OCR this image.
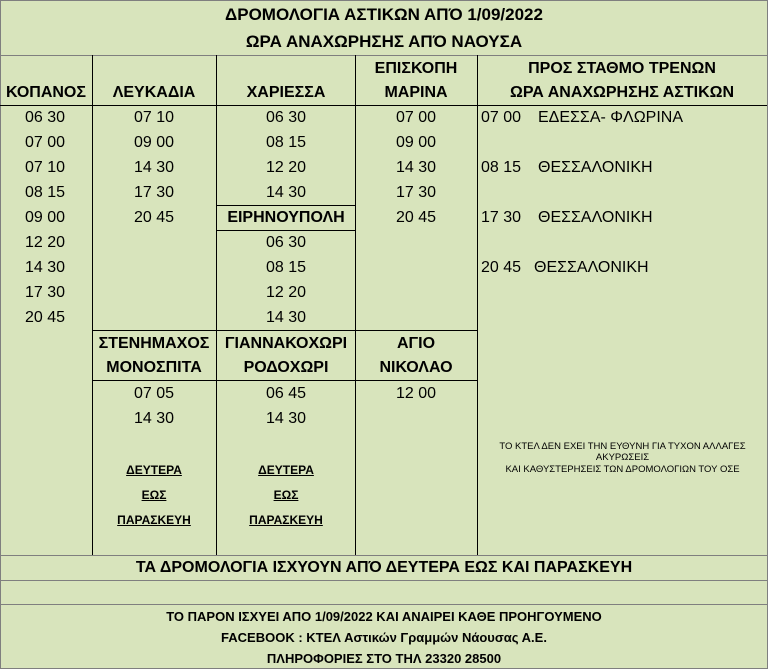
ΔΡΟΜΟΛΟΓΙΑ ΑΣΤΙΚΩΝ ΑΠΌ 1/09/2022
ΩΡΑ ΑΝΑΧΩΡΗΣΗΣ ΑΠΌ ΝΑΟΥΣΑ
ΚΟΠΑΝΟΣ	ΛΕΥΚΑΔΙΑ	ΧΑΡΙΕΣΣΑ
ΕΠΙΣΚΟΠΗ
ΜΑΡΙΝΑ
ΠΡΟΣ ΣΤΑΘΜΟ ΤΡΕΝΩΝ
ΩΡΑ ΑΝΑΧΩΡΗΣΗΣ ΑΣΤΙΚΩΝ
06 30
07 00
07 10
08 15
09 00
12 20
14 30
17 30
20 45
07 10
09 00
14 30
17 30
20 45
06 30
08 15
12 20
14 30
ΕΙΡΗΝΟΥΠΟΛΗ
06 30
08 15
12 20
14 30
07 00
09 00
14 30
17 30
20 45
07 00 ΕΔΕΣΣΑ- ΦΛΩΡΙΝΑ
08 15 ΘΕΣΣΑΛΟΝΙΚΗ
17 30 ΘΕΣΣΑΛΟΝΙΚΗ
20 45 ΘΕΣΣΑΛΟΝΙΚΗ
ΣΤΕΝΗΜΑΧΟΣ
ΜΟΝΟΣΠΙΤΑ
ΓΙΑΝΝΑΚΟΧΩΡΙ
ΡΟΔΟΧΩΡΙ
ΑΓΙΟ
ΝΙΚΟΛΑΟ
07 05
14 30
06 45
14 30
12 00
ΔΕΥΤΕΡΑ
ΕΩΣ
ΠΑΡΑΣΚΕΥΗ
ΔΕΥΤΕΡΑ
ΕΩΣ
ΠΑΡΑΣΚΕΥΗ
ΤΟ ΚΤΕΛ ΔΕΝ ΕΧΕΙ ΤΗΝ ΕΥΘΥΝΗ ΓΙΑ ΤΥΧΟΝ ΑΛΛΑΓΕΣ ΑΚΥΡΩΣΕΙΣ
ΚΑΙ ΚΑΘΥΣΤΕΡΗΣΕΙΣ ΤΩΝ ΔΡΟΜΟΛΟΓΙΩΝ ΤΟΥ ΟΣΕ
ΤΑ ΔΡΟΜΟΛΟΓΙΑ ΙΣΧΥΟΥΝ ΑΠΌ ΔΕΥΤΕΡΑ ΕΩΣ ΚΑΙ ΠΑΡΑΣΚΕΥΗ
ΤΟ ΠΑΡΟΝ ΙΣΧΥΕΙ ΑΠΟ 1/09/2022 ΚΑΙ ΑΝΑΙΡΕΙ ΚΑΘΕ ΠΡΟΗΓΟΥΜΕΝΟ
FACEBOOK : ΚΤΕΛ Αστικών Γραμμών Νάουσας Α.Ε.
ΠΛΗΡΟΦΟΡΙΕΣ ΣΤΟ ΤΗΛ 23320 28500
